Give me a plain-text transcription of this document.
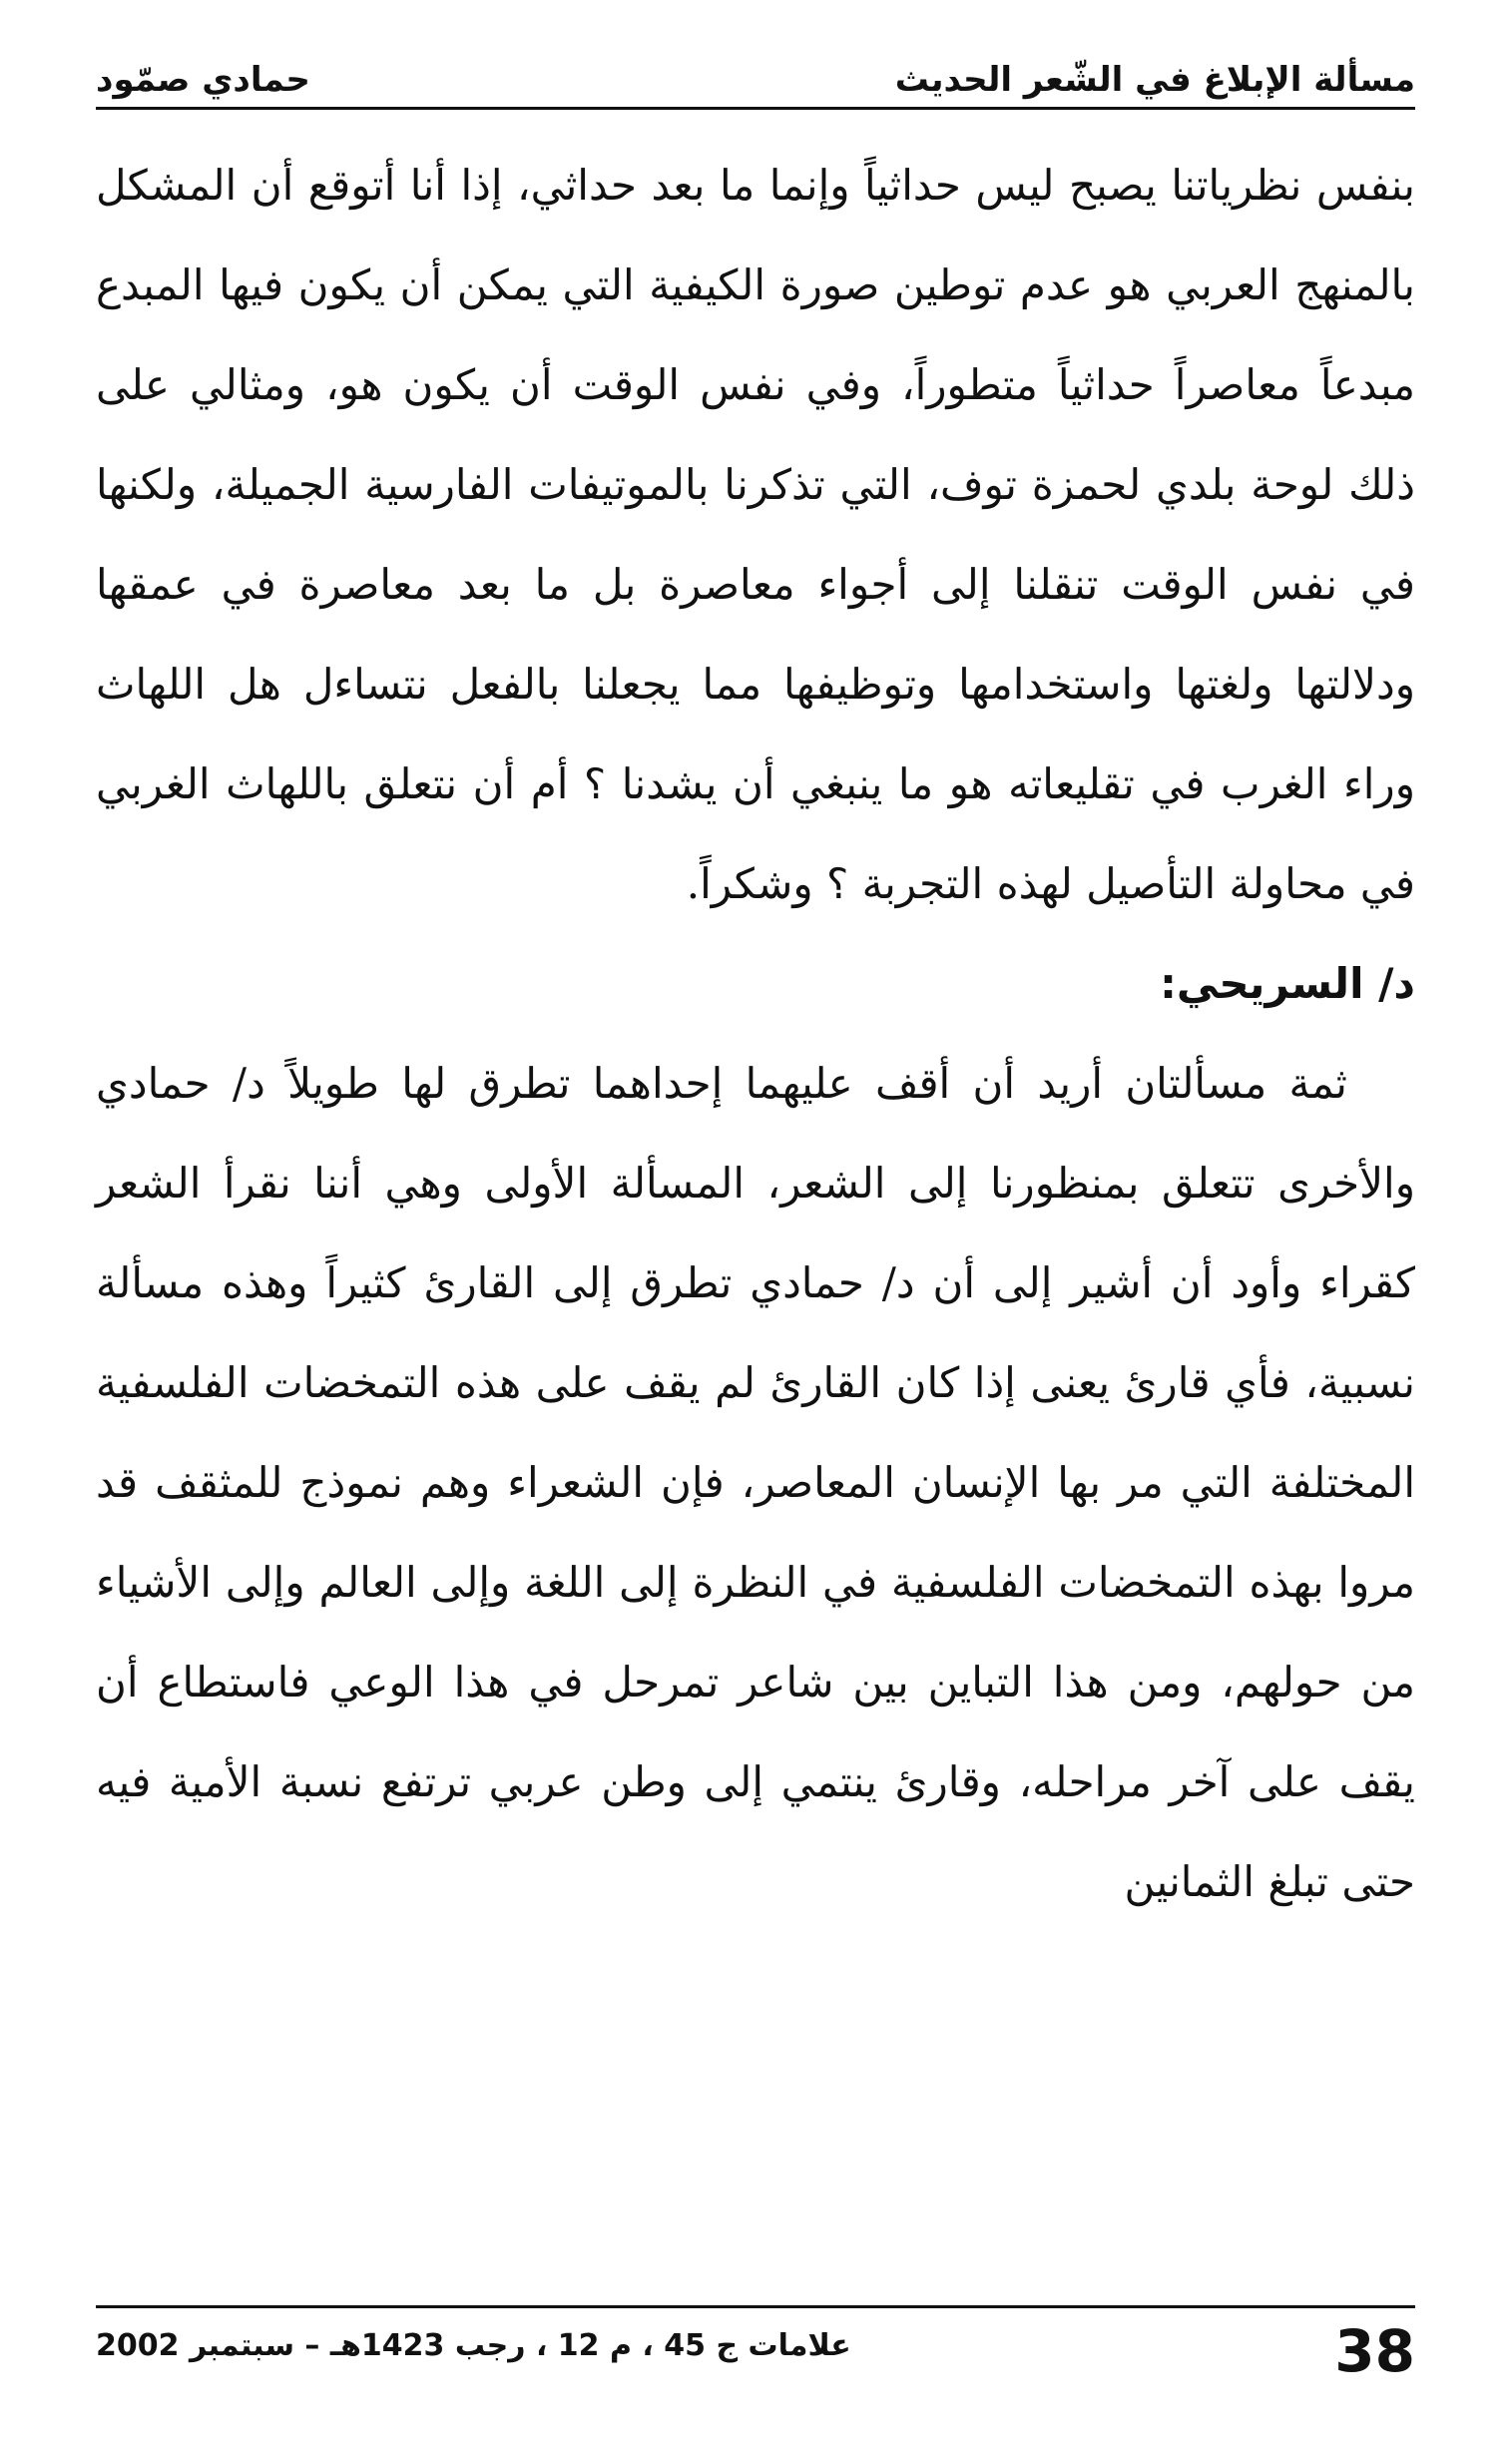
مسألة الإبلاغ في الشّعر الحديث
حمادي صمّود

بنفس نظرياتنا يصبح ليس حداثياً وإنما ما بعد حداثي، إذا أنا أتوقع أن المشكل بالمنهج العربي هو عدم توطين صورة الكيفية التي يمكن أن يكون فيها المبدع مبدعاً معاصراً حداثياً متطوراً، وفي نفس الوقت أن يكون هو، ومثالي على ذلك لوحة بلدي لحمزة توف، التي تذكرنا بالموتيفات الفارسية الجميلة، ولكنها في نفس الوقت تنقلنا إلى أجواء معاصرة بل ما بعد معاصرة في عمقها ودلالتها ولغتها واستخدامها وتوظيفها مما يجعلنا بالفعل نتساءل هل اللهاث وراء الغرب في تقليعاته هو ما ينبغي أن يشدنا ؟ أم أن نتعلق باللهاث الغربي في محاولة التأصيل لهذه التجربة ؟ وشكراً.

د/ السريحي:

ثمة مسألتان أريد أن أقف عليهما إحداهما تطرق لها طويلاً د/ حمادي والأخرى تتعلق بمنظورنا إلى الشعر، المسألة الأولى وهي أننا نقرأ الشعر كقراء وأود أن أشير إلى أن د/ حمادي تطرق إلى القارئ كثيراً وهذه مسألة نسبية، فأي قارئ يعنى إذا كان القارئ لم يقف على هذه التمخضات الفلسفية المختلفة التي مر بها الإنسان المعاصر، فإن الشعراء وهم نموذج للمثقف قد مروا بهذه التمخضات الفلسفية في النظرة إلى اللغة وإلى العالم وإلى الأشياء من حولهم، ومن هذا التباين بين شاعر تمرحل في هذا الوعي فاستطاع أن يقف على آخر مراحله، وقارئ ينتمي إلى وطن عربي ترتفع نسبة الأمية فيه حتى تبلغ الثمانين

38
علامات ج 45 ، م 12 ، رجب 1423هـ – سبتمبر 2002
